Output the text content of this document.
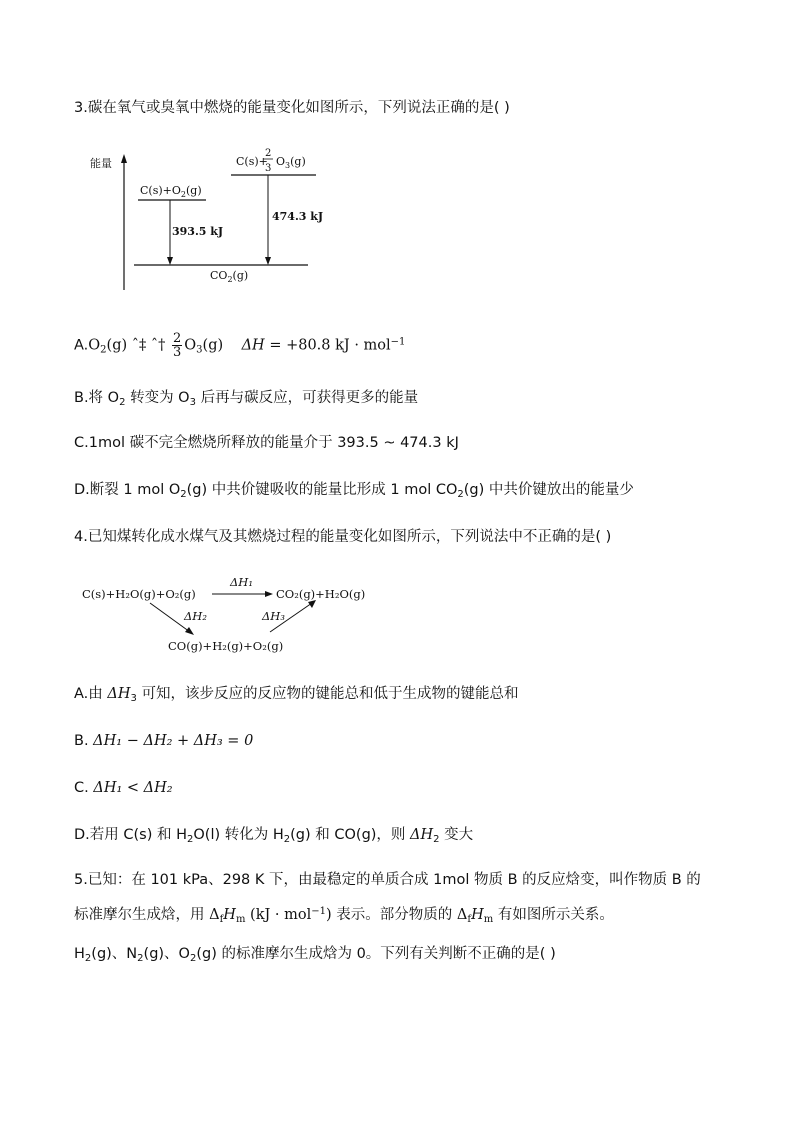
3.碳在氧气或臭氧中燃烧的能量变化如图所示，下列说法正确的是( )
能量
$C(s)+O_2(g)$
C(s)+
2
3
$O_3(g)$
393.5 kJ
474.3 kJ
$CO_2(g)$
$A.O_2(g)$ ˆ‡ ˆ† $\frac{2}{3} O_3(g) \Delta H = +80.8$ kJ · mol$^{-1}$
B.将 $O_2$ 转变为 $O_3$ 后再与碳反应，可获得更多的能量
C.1mol 碳不完全燃烧所释放的能量介于 393.5 ~ 474.3 kJ
D.断裂 1 mol $O_2(g)$ 中共价键吸收的能量比形成 1 mol $CO_2(g)$ 中共价键放出的能量少
4.已知煤转化成水煤气及其燃烧过程的能量变化如图所示，下列说法中不正确的是( )
C(s)+H₂O(g)+O₂(g)	CO₂(g)+H₂O(g)
ΔH₁
ΔH₂	ΔH₃
CO(g)+H₂(g)+O₂(g)
A.由 $\Delta H_3$ 可知，该步反应的反应物的键能总和低于生成物的键能总和
B. ΔH₁ − ΔH₂ + ΔH₃ = 0
C. ΔH₁ < ΔH₂
D.若用 C(s) 和 $H_2O(l)$ 转化为 $H_2(g)$ 和 CO(g)，则 $\Delta H_2$ 变大
5.已知：在 101 kPa、298 K 下，由最稳定的单质合成 1mol 物质 B 的反应焓变，叫作物质 B 的
标准摩尔生成焓，用 $\Delta_fH_m$ (kJ · mol$^{-1}$) 表示。部分物质的 $\Delta_fH_m$ 有如图所示关系。
$H_2(g)$、$N_2(g)$、$O_2(g)$ 的标准摩尔生成焓为 0。下列有关判断不正确的是( )
